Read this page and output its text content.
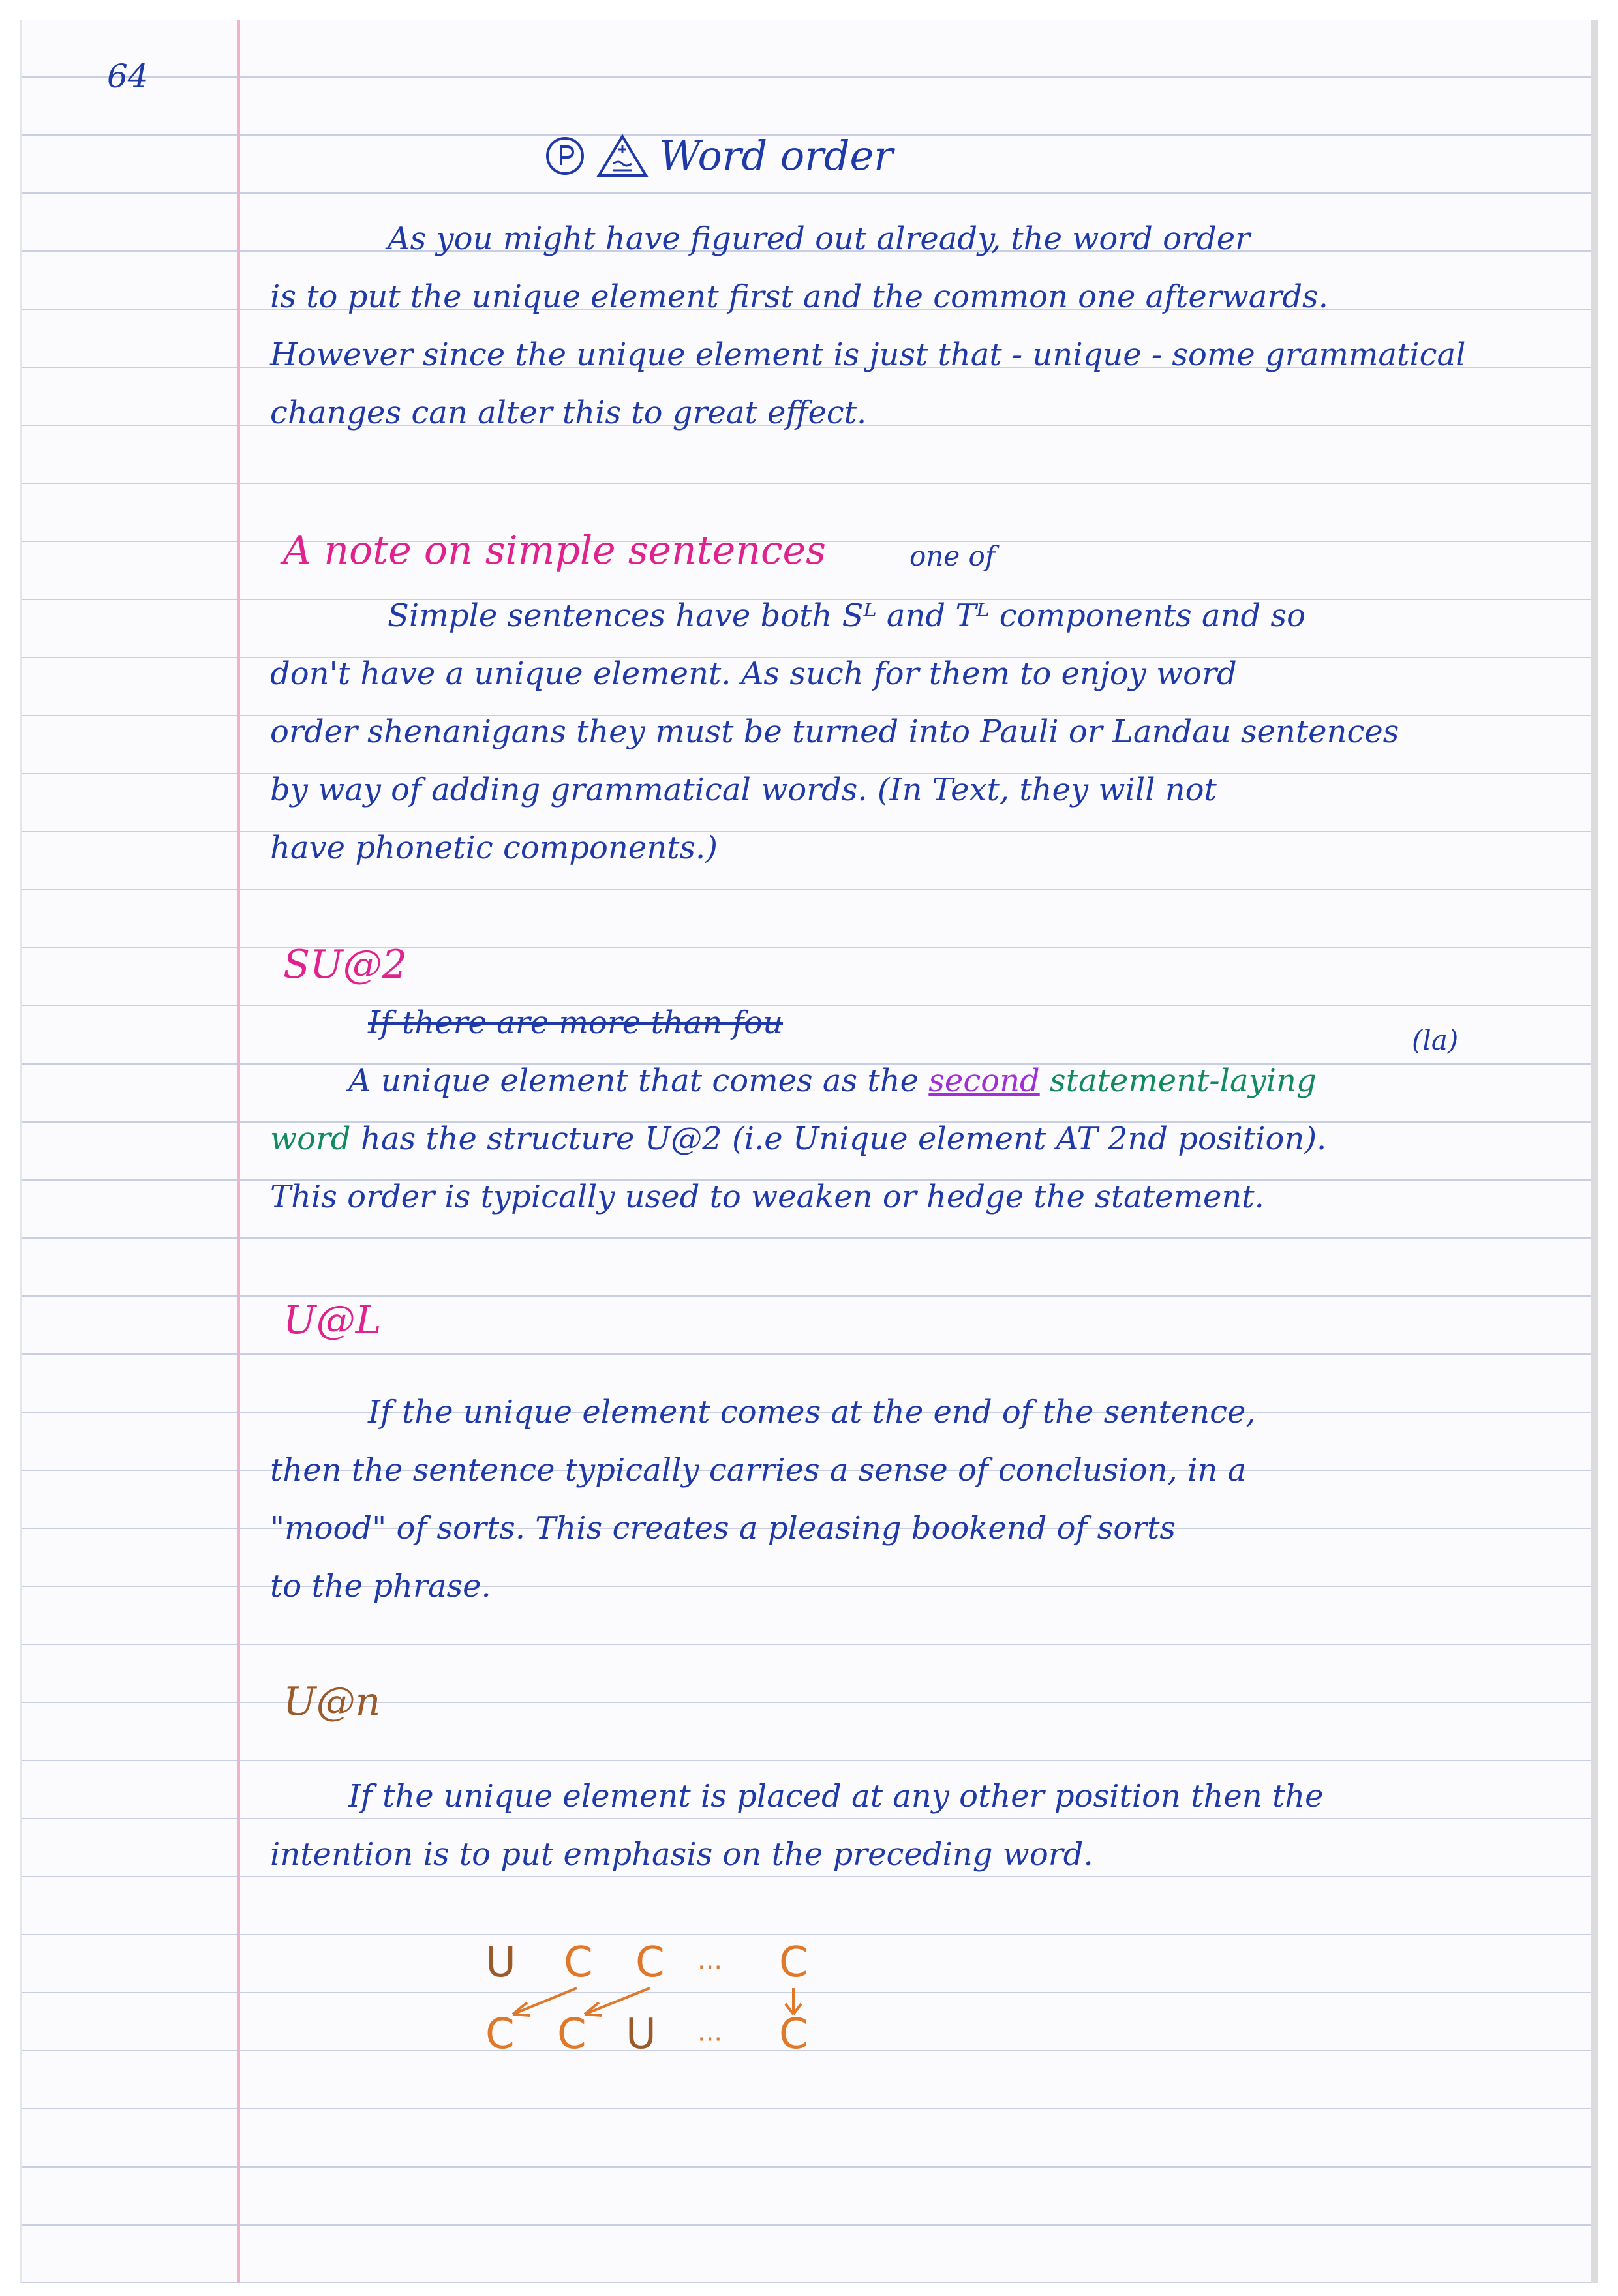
64
Word order

As you might have figured out already, the word order

is to put the unique element first and the common one afterwards.

However since the unique element is just that - unique - some grammatical

changes can alter this to great effect.

A note on simple sentences	one of

Simple sentences have both Sᴸ and Tᴸ components and so

don't have a unique element. As such for them to enjoy word

order shenanigans they must be turned into Pauli or Landau sentences

by way of adding grammatical words. (In Text, they will not

have phonetic components.)

SU@2

If there are more than fou	(la)

A unique element that comes as the second statement-laying

word has the structure U@2 (i.e Unique element AT 2nd position).

This order is typically used to weaken or hedge the statement.

U@L

If the unique element comes at the end of the sentence,

then the sentence typically carries a sense of conclusion, in a

"mood" of sorts. This creates a pleasing bookend of sorts

to the phrase.

U@n

If the unique element is placed at any other position then the

intention is to put emphasis on the preceding word.

U C C ··· C
C C U ··· C
